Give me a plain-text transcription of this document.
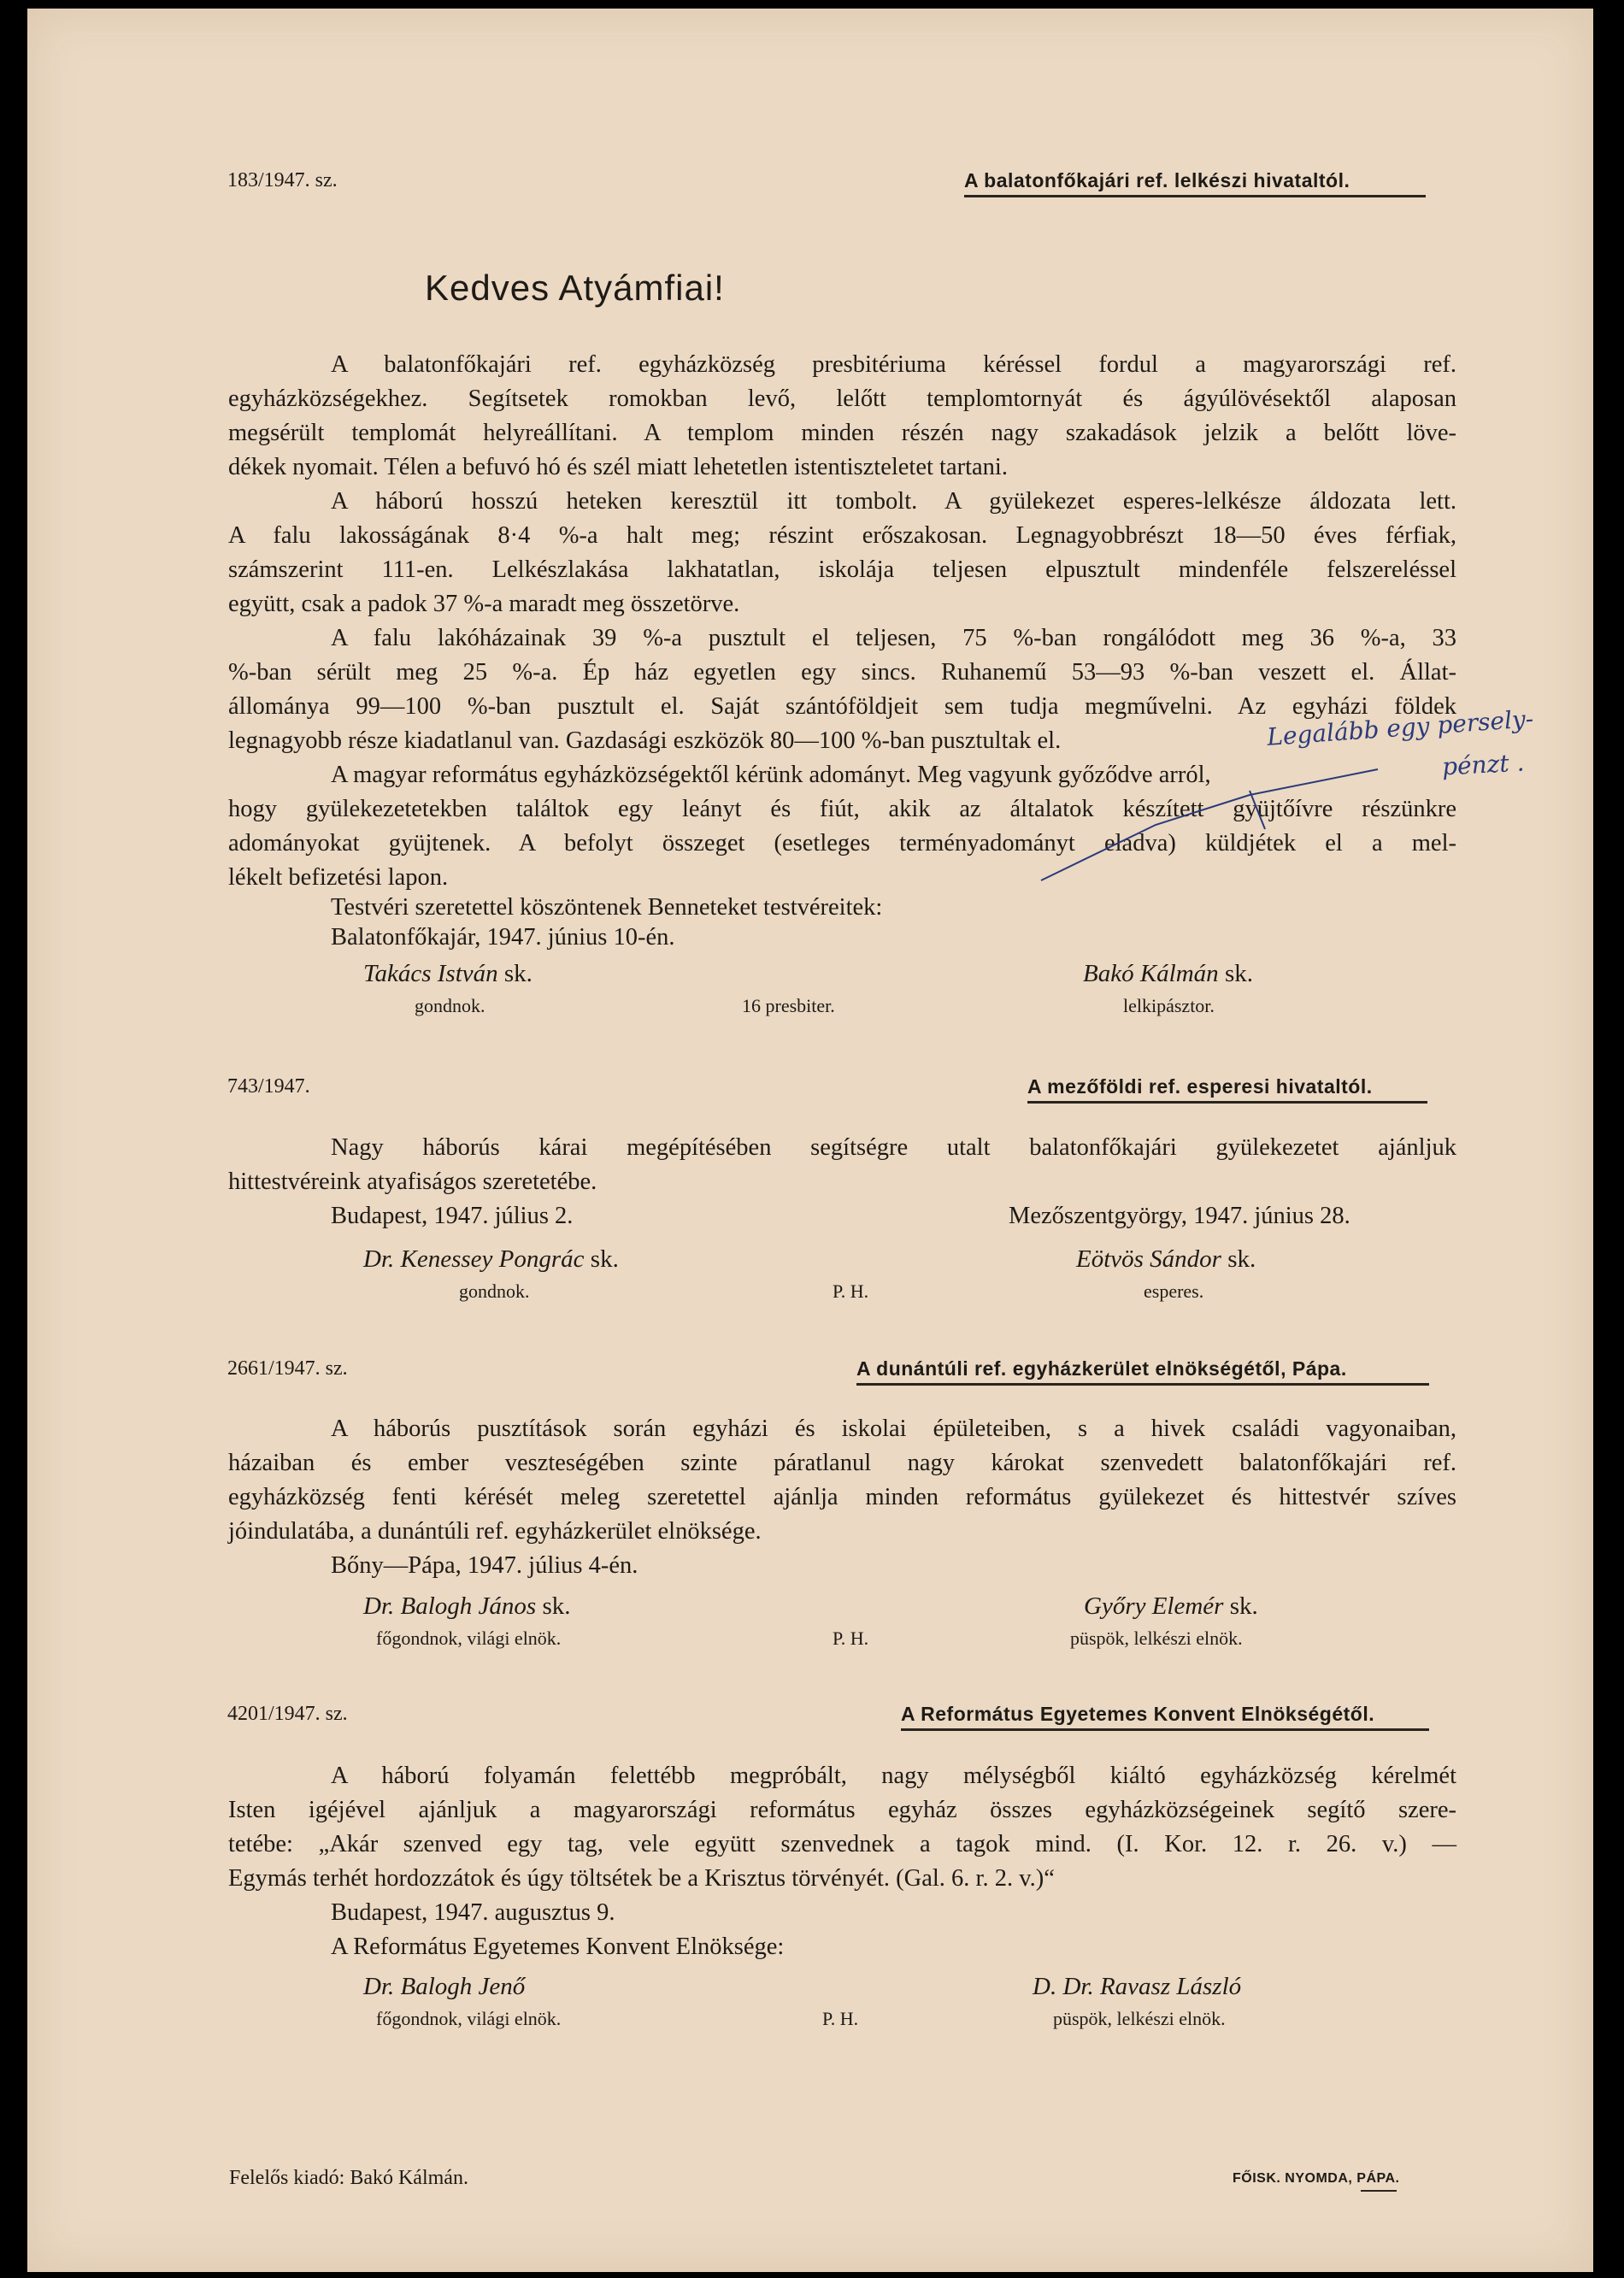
183/1947. sz.	A balatonfőkajári ref. lelkészi hivataltól.
Kedves Atyámfiai!
A balatonfőkajári ref. egyházközség presbitériuma kéréssel fordul a magyarországi ref.
egyházközségekhez. Segítsetek romokban levő, lelőtt templomtornyát és ágyúlövésektől alaposan
megsérült templomát helyreállítani. A templom minden részén nagy szakadások jelzik a belőtt löve-
dékek nyomait. Télen a befuvó hó és szél miatt lehetetlen istentiszteletet tartani.
A háború hosszú heteken keresztül itt tombolt. A gyülekezet esperes-lelkésze áldozata lett.
A falu lakosságának 8·4 %-a halt meg; részint erőszakosan. Legnagyobbrészt 18—50 éves férfiak,
számszerint 111-en. Lelkészlakása lakhatatlan, iskolája teljesen elpusztult mindenféle felszereléssel
együtt, csak a padok 37 %-a maradt meg összetörve.
A falu lakóházainak 39 %-a pusztult el teljesen, 75 %-ban rongálódott meg 36 %-a, 33
%-ban sérült meg 25 %-a. Ép ház egyetlen egy sincs. Ruhanemű 53—93 %-ban veszett el. Állat-
állománya 99—100 %-ban pusztult el. Saját szántóföldjeit sem tudja megművelni. Az egyházi földek
legnagyobb része kiadatlanul van. Gazdasági eszközök 80—100 %-ban pusztultak el.
A magyar református egyházközségektől kérünk adományt. Meg vagyunk győződve arról,
hogy gyülekezetetekben találtok egy leányt és fiút, akik az általatok készített gyüjtőívre részünkre
adományokat gyüjtenek. A befolyt összeget (esetleges terményadományt eladva) küldjétek el a mel-
lékelt befizetési lapon.
Testvéri szeretettel köszöntenek Benneteket testvéreitek:
Balatonfőkajár, 1947. június 10-én.
Legalább egy persely-
pénzt .
Takács István sk.
gondnok.	16 presbiter.
Bakó Kálmán sk.
lelkipásztor.
743/1947.	A mezőföldi ref. esperesi hivataltól.
Nagy háborús kárai megépítésében segítségre utalt balatonfőkajári gyülekezetet ajánljuk
hittestvéreink atyafiságos szeretetébe.
Budapest, 1947. július 2.	Mezőszentgyörgy, 1947. június 28.
Dr. Kenessey Pongrác sk.
gondnok.	P. H.
Eötvös Sándor sk.
esperes.
2661/1947. sz.	A dunántúli ref. egyházkerület elnökségétől, Pápa.
A háborús pusztítások során egyházi és iskolai épületeiben, s a hivek családi vagyonaiban,
házaiban és ember veszteségében szinte páratlanul nagy károkat szenvedett balatonfőkajári ref.
egyházközség fenti kérését meleg szeretettel ajánlja minden református gyülekezet és hittestvér szíves
jóindulatába, a dunántúli ref. egyházkerület elnöksége.
Bőny—Pápa, 1947. július 4-én.
Dr. Balogh János sk.
főgondnok, világi elnök.	P. H.
Győry Elemér sk.
püspök, lelkészi elnök.
4201/1947. sz.	A Református Egyetemes Konvent Elnökségétől.
A háború folyamán felettébb megpróbált, nagy mélységből kiáltó egyházközség kérelmét
Isten igéjével ajánljuk a magyarországi református egyház összes egyházközségeinek segítő szere-
tetébe: „Akár szenved egy tag, vele együtt szenvednek a tagok mind. (I. Kor. 12. r. 26. v.) —
Egymás terhét hordozzátok és úgy töltsétek be a Krisztus törvényét. (Gal. 6. r. 2. v.)“
Budapest, 1947. augusztus 9.
A Református Egyetemes Konvent Elnöksége:
Dr. Balogh Jenő
főgondnok, világi elnök.	P. H.
D. Dr. Ravasz László
püspök, lelkészi elnök.
Felelős kiadó: Bakó Kálmán.	FŐISK. NYOMDA, PÁPA.
